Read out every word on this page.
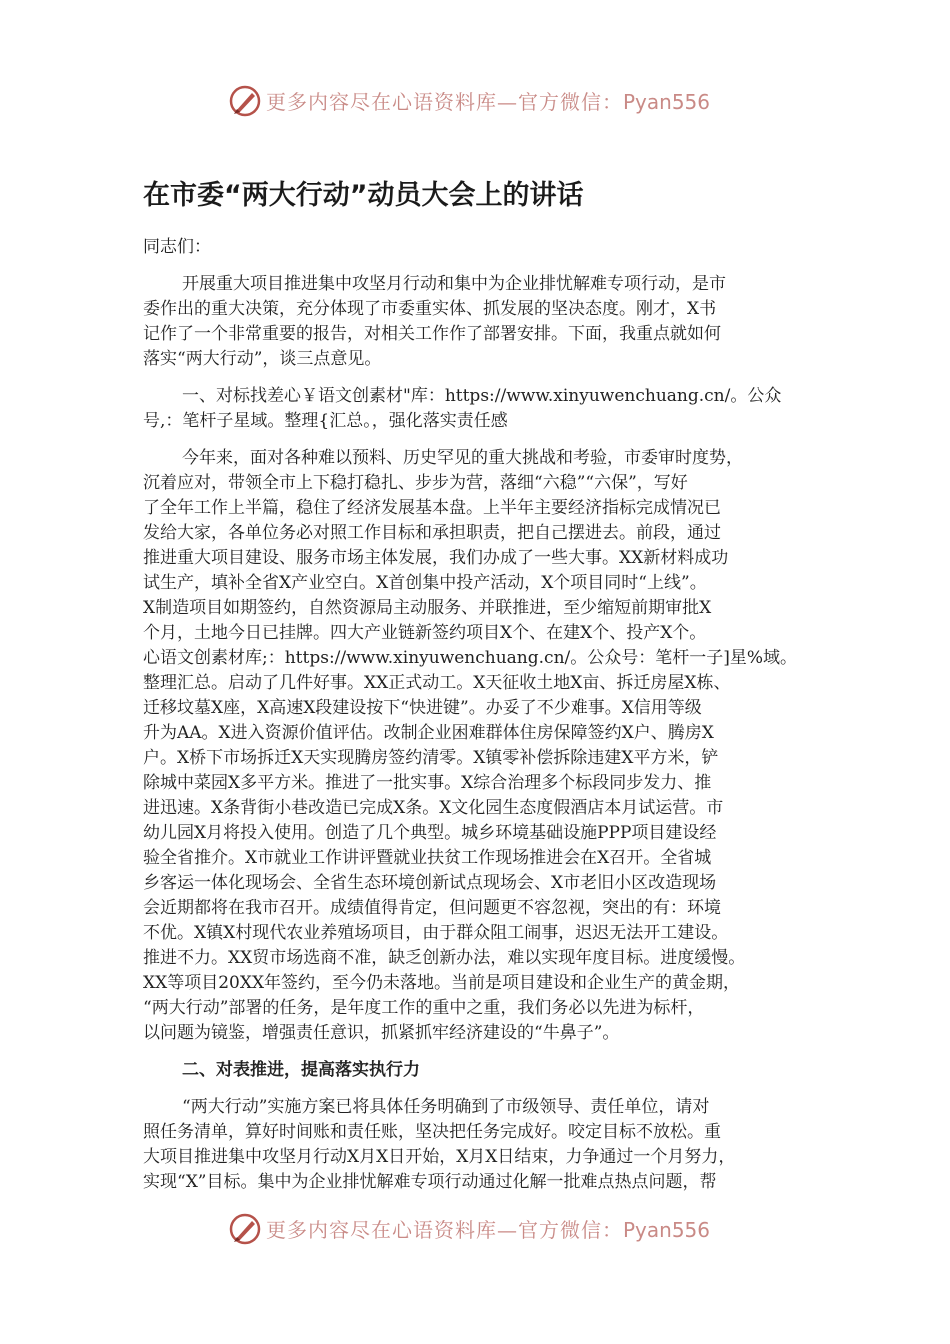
更多内容尽在心语资料库—官方微信：Pyan556
在市委“两大行动”动员大会上的讲话
同志们：
开展重大项目推进集中攻坚月行动和集中为企业排忧解难专项行动，是市
委作出的重大决策，充分体现了市委重实体、抓发展的坚决态度。刚才，X书
记作了一个非常重要的报告，对相关工作作了部署安排。下面，我重点就如何
落实“两大行动”，谈三点意见。
一、对标找差心￥语文创素材"库：https://www.xinyuwenchuang.cn/。公众
号,：笔杆子星域。整理{汇总。，强化落实责任感
今年来，面对各种难以预料、历史罕见的重大挑战和考验，市委审时度势，
沉着应对，带领全市上下稳打稳扎、步步为营，落细“六稳”“六保”，写好
了全年工作上半篇，稳住了经济发展基本盘。上半年主要经济指标完成情况已
发给大家，各单位务必对照工作目标和承担职责，把自己摆进去。前段，通过
推进重大项目建设、服务市场主体发展，我们办成了一些大事。XX新材料成功
试生产，填补全省X产业空白。X首创集中投产活动，X个项目同时“上线”。
X制造项目如期签约，自然资源局主动服务、并联推进，至少缩短前期审批X
个月，土地今日已挂牌。四大产业链新签约项目X个、在建X个、投产X个。
心语文创素材库;：https://www.xinyuwenchuang.cn/。公众号：笔杆一子]星%域。
整理汇总。启动了几件好事。XX正式动工。X天征收土地X亩、拆迁房屋X栋、
迁移坟墓X座，X高速X段建设按下“快进键”。办妥了不少难事。X信用等级
升为AA。X进入资源价值评估。改制企业困难群体住房保障签约X户、腾房X
户。X桥下市场拆迁X天实现腾房签约清零。X镇零补偿拆除违建X平方米，铲
除城中菜园X多平方米。推进了一批实事。X综合治理多个标段同步发力、推
进迅速。X条背街小巷改造已完成X条。X文化园生态度假酒店本月试运营。市
幼儿园X月将投入使用。创造了几个典型。城乡环境基础设施PPP项目建设经
验全省推介。X市就业工作讲评暨就业扶贫工作现场推进会在X召开。全省城
乡客运一体化现场会、全省生态环境创新试点现场会、X市老旧小区改造现场
会近期都将在我市召开。成绩值得肯定，但问题更不容忽视，突出的有：环境
不优。X镇X村现代农业养殖场项目，由于群众阻工闹事，迟迟无法开工建设。
推进不力。XX贸市场选商不准，缺乏创新办法，难以实现年度目标。进度缓慢。
XX等项目20XX年签约，至今仍未落地。当前是项目建设和企业生产的黄金期，
“两大行动”部署的任务，是年度工作的重中之重，我们务必以先进为标杆，
以问题为镜鉴，增强责任意识，抓紧抓牢经济建设的“牛鼻子”。
二、对表推进，提高落实执行力
“两大行动”实施方案已将具体任务明确到了市级领导、责任单位，请对
照任务清单，算好时间账和责任账，坚决把任务完成好。咬定目标不放松。重
大项目推进集中攻坚月行动X月X日开始，X月X日结束，力争通过一个月努力，
实现“X”目标。集中为企业排忧解难专项行动通过化解一批难点热点问题，帮
更多内容尽在心语资料库—官方微信：Pyan556
